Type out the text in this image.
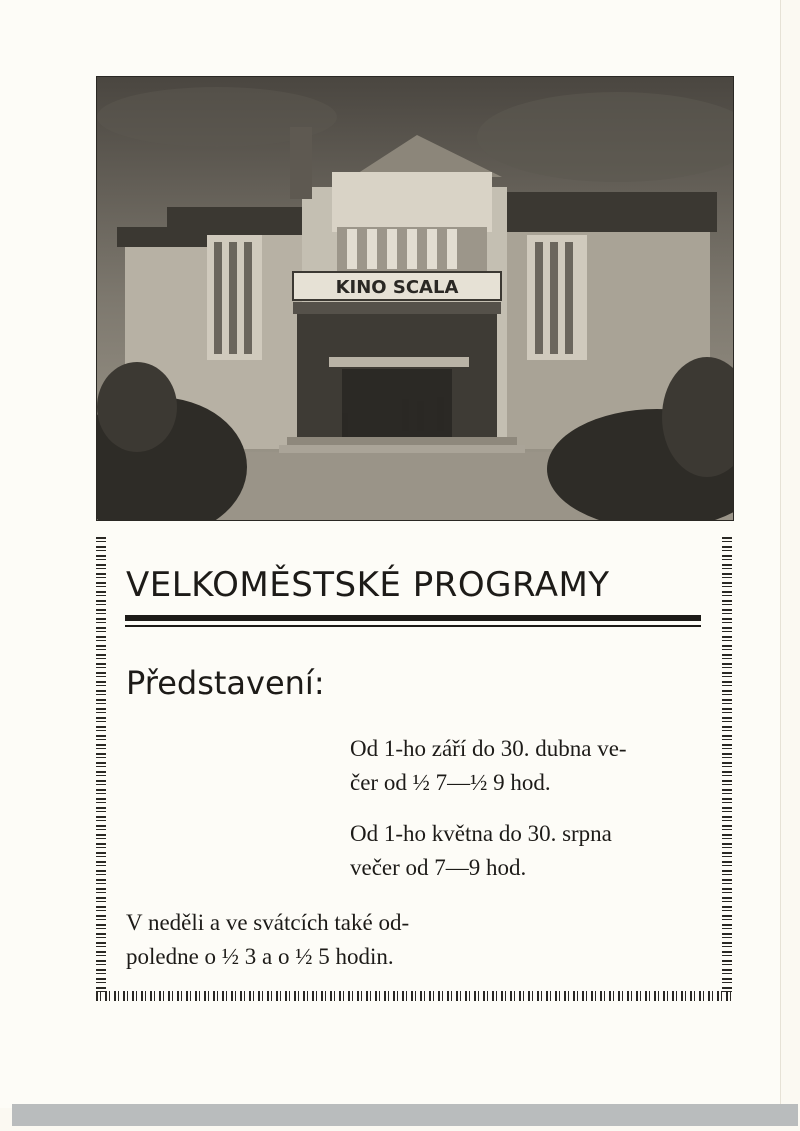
KINO SCALA
VELKOMĚSTSKÉ PROGRAMY
Představení:
Od 1-ho září do 30. dubna ve-
čer od ½ 7—½ 9 hod.
Od 1-ho května do 30. srpna
večer od 7—9 hod.
V neděli a ve svátcích také od-
poledne o ½ 3 a o ½ 5 hodin.
